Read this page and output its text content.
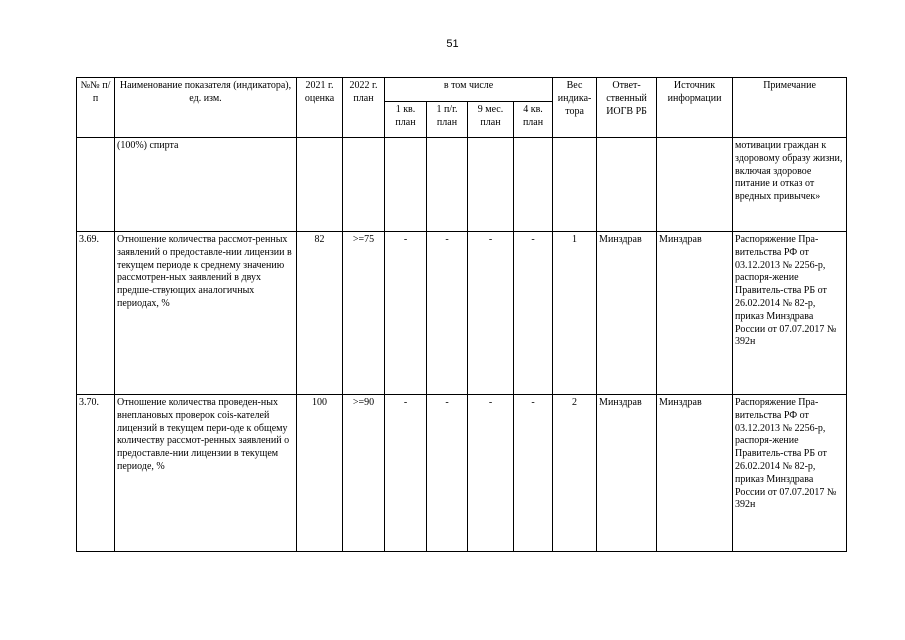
51
№№ п/п	Наименование показателя (индикатора), ед. изм.	2021 г. оценка	2022 г. план	в том числе				Вес индика-тора	Ответ-ственный ИОГВ РБ	Источник информации	Примечание
				1 кв. план	1 п/г. план	9 мес. план	4 кв. план				
	(100%) спирта										мотивации граждан к здоровому образу жизни, включая здоровое питание и отказ от вредных привычек»
3.69.	Отношение количества рассмот-ренных заявлений о предоставле-нии лицензии в текущем периоде к среднему значению рассмотрен-ных заявлений в двух предше-ствующих аналогичных периодах, %	82	>=75	-	-	-	-	1	Минздрав	Минздрав	Распоряжение Пра-вительства РФ от 03.12.2013 № 2256-р, распоря-жение Правитель-ства РБ от 26.02.2014 № 82-р, приказ Минздрава России от 07.07.2017 № 392н
3.70.	Отношение количества проведен-ных внеплановых проверок сois-кателей лицензий в текущем пери-оде к общему количеству рассмот-ренных заявлений о предоставле-нии лицензии в текущем периоде, %	100	>=90	-	-	-	-	2	Минздрав	Минздрав	Распоряжение Пра-вительства РФ от 03.12.2013 № 2256-р, распоря-жение Правитель-ства РБ от 26.02.2014 № 82-р, приказ Минздрава России от 07.07.2017 № 392н
